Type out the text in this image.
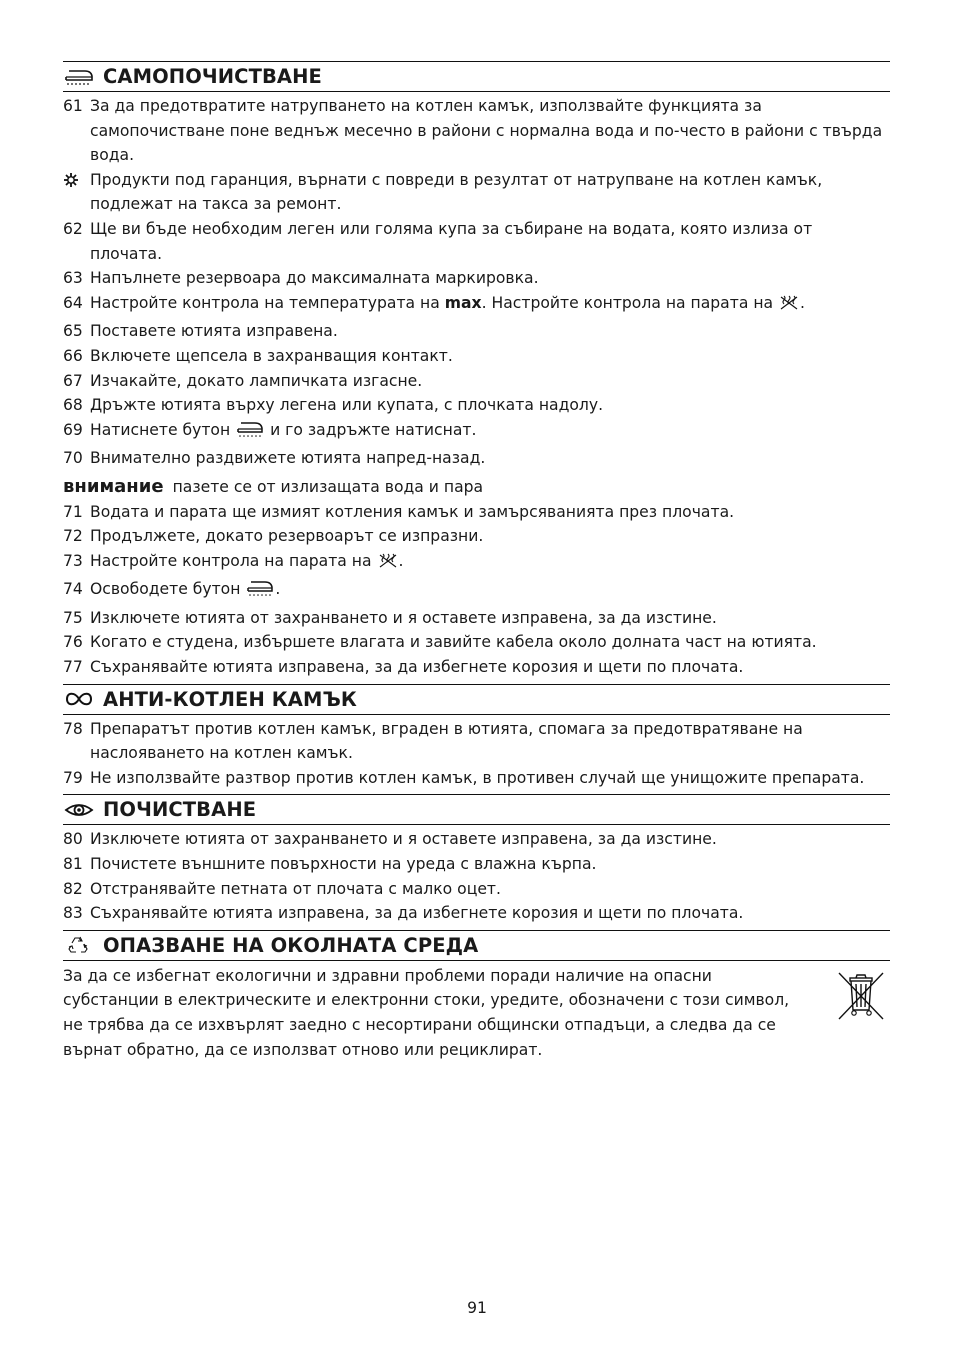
САМОПОЧИСТВАНЕ
61 За да предотвратите натрупването на котлен камък, използвайте функцията за самопочистване поне веднъж месечно в райони с нормална вода и по-често в райони с твърда вода.
Продукти под гаранция, върнати с повреди в резултат от натрупване на котлен камък, подлежат на такса за ремонт.
62 Ще ви бъде необходим леген или голяма купа за събиране на водата, която излиза от плочата.
63 Напълнете резервоара до максималната маркировка.
64 Настройте контрола на температурата на max. Настройте контрола на парата на .
65 Поставете ютията изправена.
66 Включете щепсела в захранващия контакт.
67 Изчакайте, докато лампичката изгасне.
68 Дръжте ютията върху легена или купата, с плочката надолу.
69 Натиснете бутон  и го задръжте натиснат.
70 Внимателно раздвижете ютията напред-назад.
внимание пазете се от излизащата вода и пара
71 Водата и парата ще измият котления камък и замърсяванията през плочата.
72 Продължете, докато резервоарът се изпразни.
73 Настройте контрола на парата на .
74 Освободете бутон .
75 Изключете ютията от захранването и я оставете изправена, за да изстине.
76 Когато е студена, избършете влагата и завийте кабела около долната част на ютията.
77 Съхранявайте ютията изправена, за да избегнете корозия и щети по плочата.
АНТИ-КОТЛЕН КАМЪК
78 Препаратът против котлен камък, вграден в ютията, спомага за предотвратяване на наслояването на котлен камък.
79 Не използвайте разтвор против котлен камък, в противен случай ще унищожите препарата.
ПОЧИСТВАНЕ
80 Изключете ютията от захранването и я оставете изправена, за да изстине.
81 Почистете външните повърхности на уреда с влажна кърпа.
82 Отстранявайте петната от плочата с малко оцет.
83 Съхранявайте ютията изправена, за да избегнете корозия и щети по плочата.
ОПАЗВАНЕ НА ОКОЛНАТА СРЕДА
За да се избегнат екологични и здравни проблеми поради наличие на опасни субстанции в електрическите и електронни стоки, уредите, обозначени с този символ, не трябва да се изхвърлят заедно с несортирани общински отпадъци, а следва да се върнат обратно, да се използват отново или рециклират.
91
